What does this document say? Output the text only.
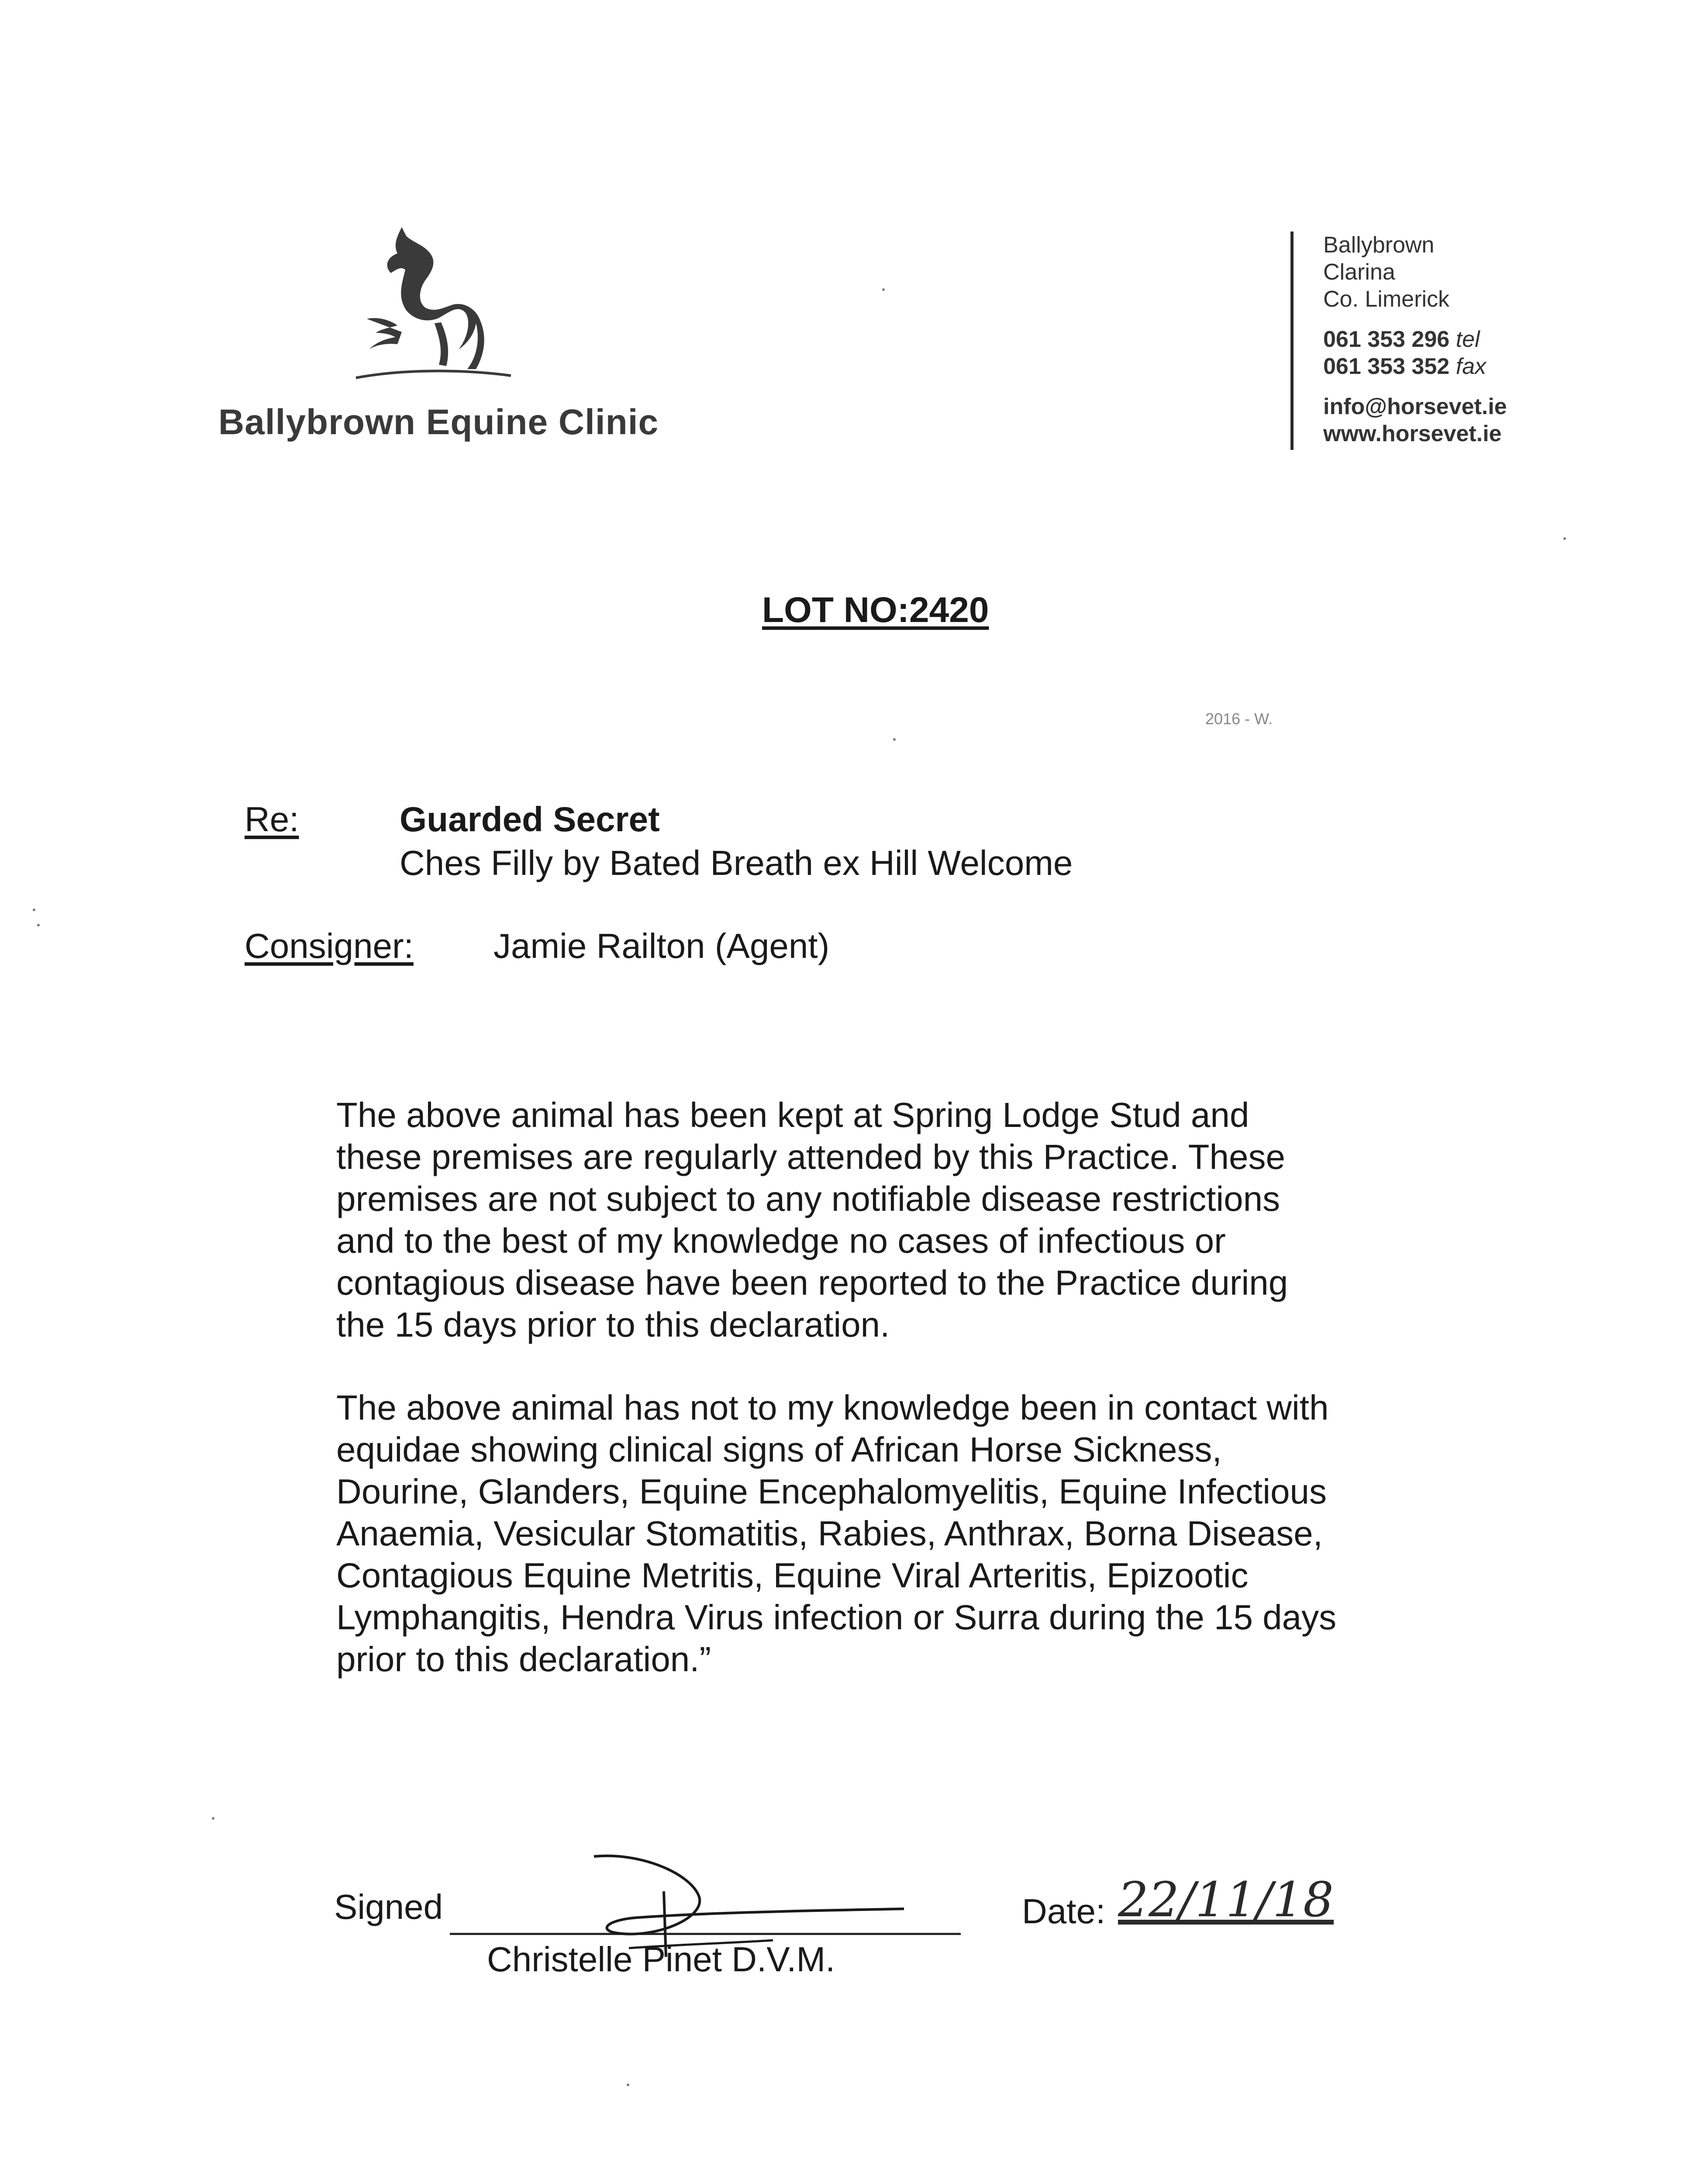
Ballybrown Equine Clinic
Ballybrown
Clarina
Co. Limerick
061 353 296 tel
061 353 352 fax
info@horsevet.ie
www.horsevet.ie
LOT NO:2420
2016 - W.
Re:	Guarded Secret
Ches Filly by Bated Breath ex Hill Welcome
Consigner: Jamie Railton (Agent)
The above animal has been kept at Spring Lodge Stud and these premises are regularly attended by this Practice. These premises are not subject to any notifiable disease restrictions and to the best of my knowledge no cases of infectious or contagious disease have been reported to the Practice during the 15 days prior to this declaration.
The above animal has not to my knowledge been in contact with equidae showing clinical signs of African Horse Sickness, Dourine, Glanders, Equine Encephalomyelitis, Equine Infectious Anaemia, Vesicular Stomatitis, Rabies, Anthrax, Borna Disease, Contagious Equine Metritis, Equine Viral Arteritis, Epizootic Lymphangitis, Hendra Virus infection or Surra during the 15 days prior to this declaration.”
Signed
Christelle Pinet D.V.M.
Date: 22/11/18
